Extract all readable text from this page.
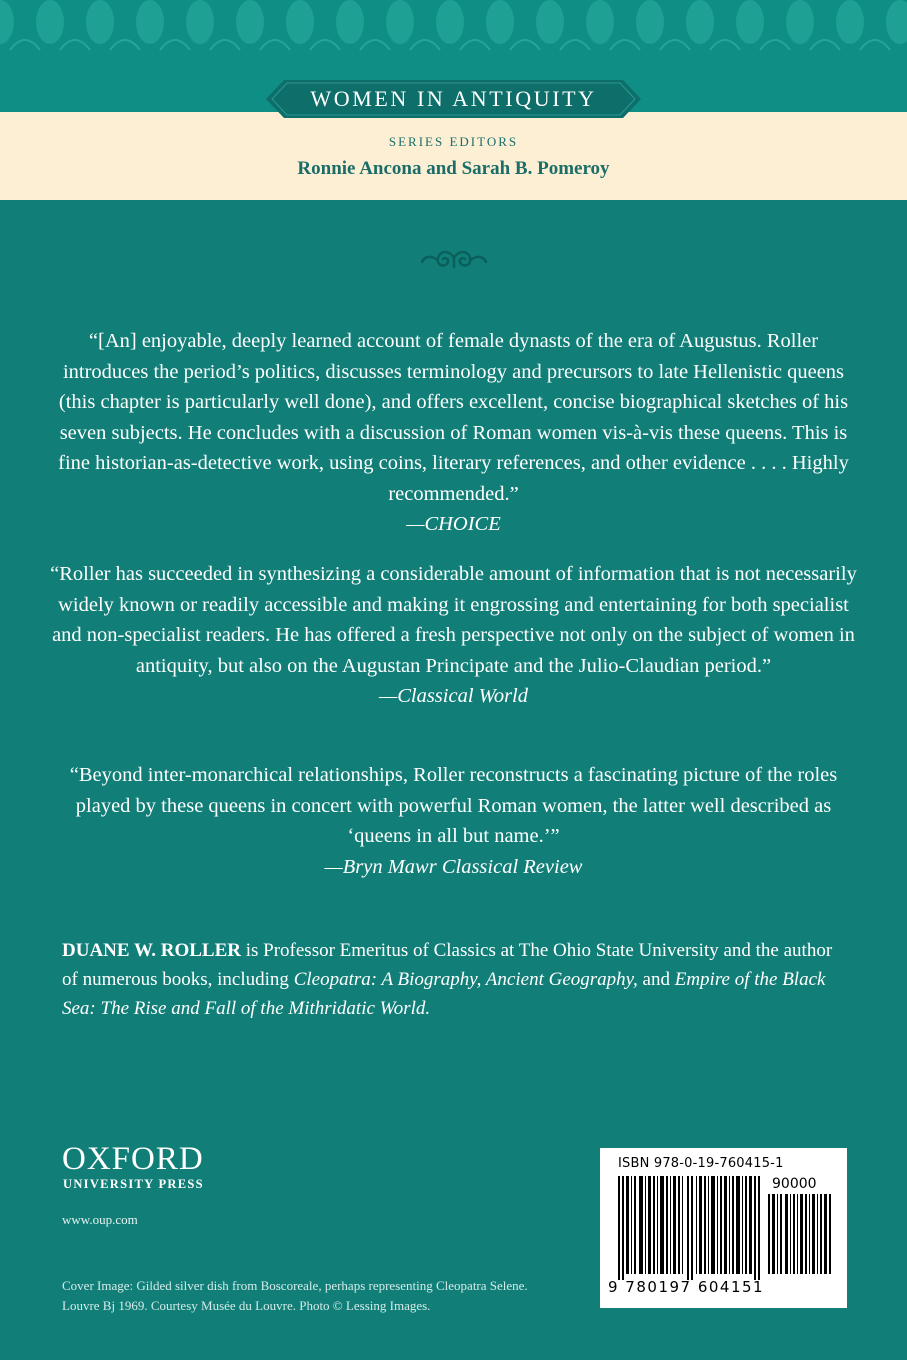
WOMEN IN ANTIQUITY
SERIES EDITORS
Ronnie Ancona and Sarah B. Pomeroy
“[An] enjoyable, deeply learned account of female dynasts of the era of Augustus. Roller introduces the period’s politics, discusses terminology and precursors to late Hellenistic queens (this chapter is particularly well done), and offers excellent, concise biographical sketches of his seven subjects. He concludes with a discussion of Roman women vis-à-vis these queens. This is fine historian-as-detective work, using coins, literary references, and other evidence . . . . Highly recommended.”
—CHOICE
“Roller has succeeded in synthesizing a considerable amount of information that is not necessarily widely known or readily accessible and making it engrossing and entertaining for both specialist and non-specialist readers. He has offered a fresh perspective not only on the subject of women in antiquity, but also on the Augustan Principate and the Julio-Claudian period.”
—Classical World
“Beyond inter-monarchical relationships, Roller reconstructs a fascinating picture of the roles played by these queens in concert with powerful Roman women, the latter well described as ‘queens in all but name.’”
—Bryn Mawr Classical Review
DUANE W. ROLLER is Professor Emeritus of Classics at The Ohio State University and the author of numerous books, including Cleopatra: A Biography, Ancient Geography, and Empire of the Black Sea: The Rise and Fall of the Mithridatic World.
OXFORD
UNIVERSITY PRESS
www.oup.com
Cover Image: Gilded silver dish from Boscoreale, perhaps representing Cleopatra Selene. Louvre Bj 1969. Courtesy Musée du Louvre. Photo © Lessing Images.
ISBN 978-0-19-760415-1
90000
9 780197 604151
